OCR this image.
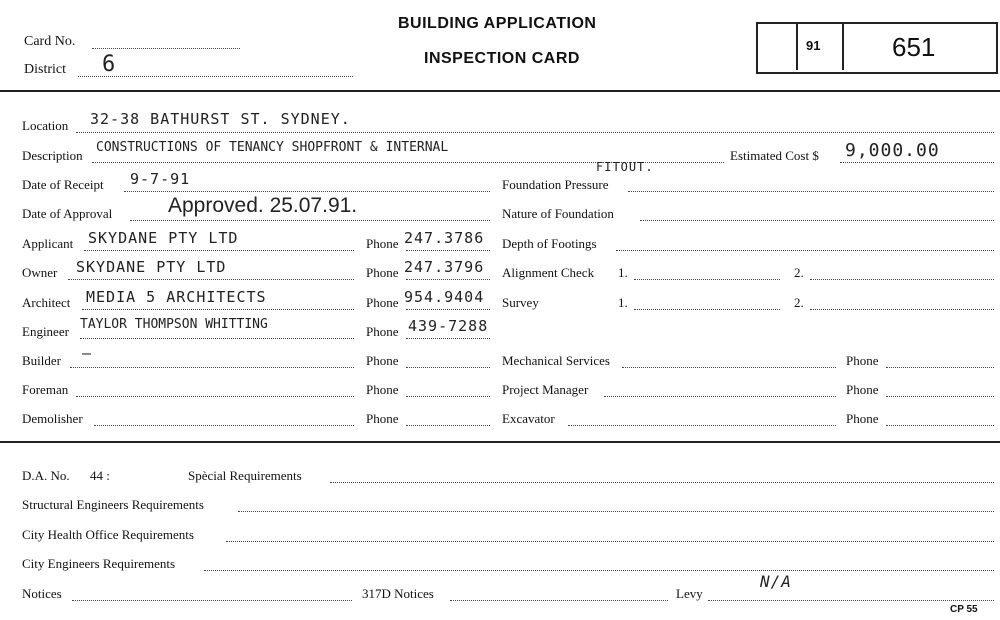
Card No.
District 6
BUILDING APPLICATION
INSPECTION CARD
91	651
Location 32-38 BATHURST ST. SYDNEY.
Description
CONSTRUCTIONS OF TENANCY SHOPFRONT & INTERNAL
FITOUT.
Estimated Cost $ 9,000.00
Date of Receipt 9-7-91	Foundation Pressure
Date of Approval	Approved. 25.07.91.	Nature of Foundation
Applicant SKYDANE PTY LTD	Phone 247.3786 Depth of Footings
Owner SKYDANE PTY LTD	Phone 247.3796 Alignment Check 1.	2.
Architect MEDIA 5 ARCHITECTS	Phone 954.9404 Survey	1.	2.
Engineer TAYLOR THOMPSON WHITTING	Phone 439-7288
Builder —	Phone	Mechanical Services	Phone
Foreman	Phone	Project Manager	Phone
Demolisher	Phone	Excavator	Phone
D.A. No. 44 :	Spècial Requirements
Structural Engineers Requirements
City Health Office Requirements
City Engineers Requirements
Notices	317D Notices	Levy
N/A
CP 55
